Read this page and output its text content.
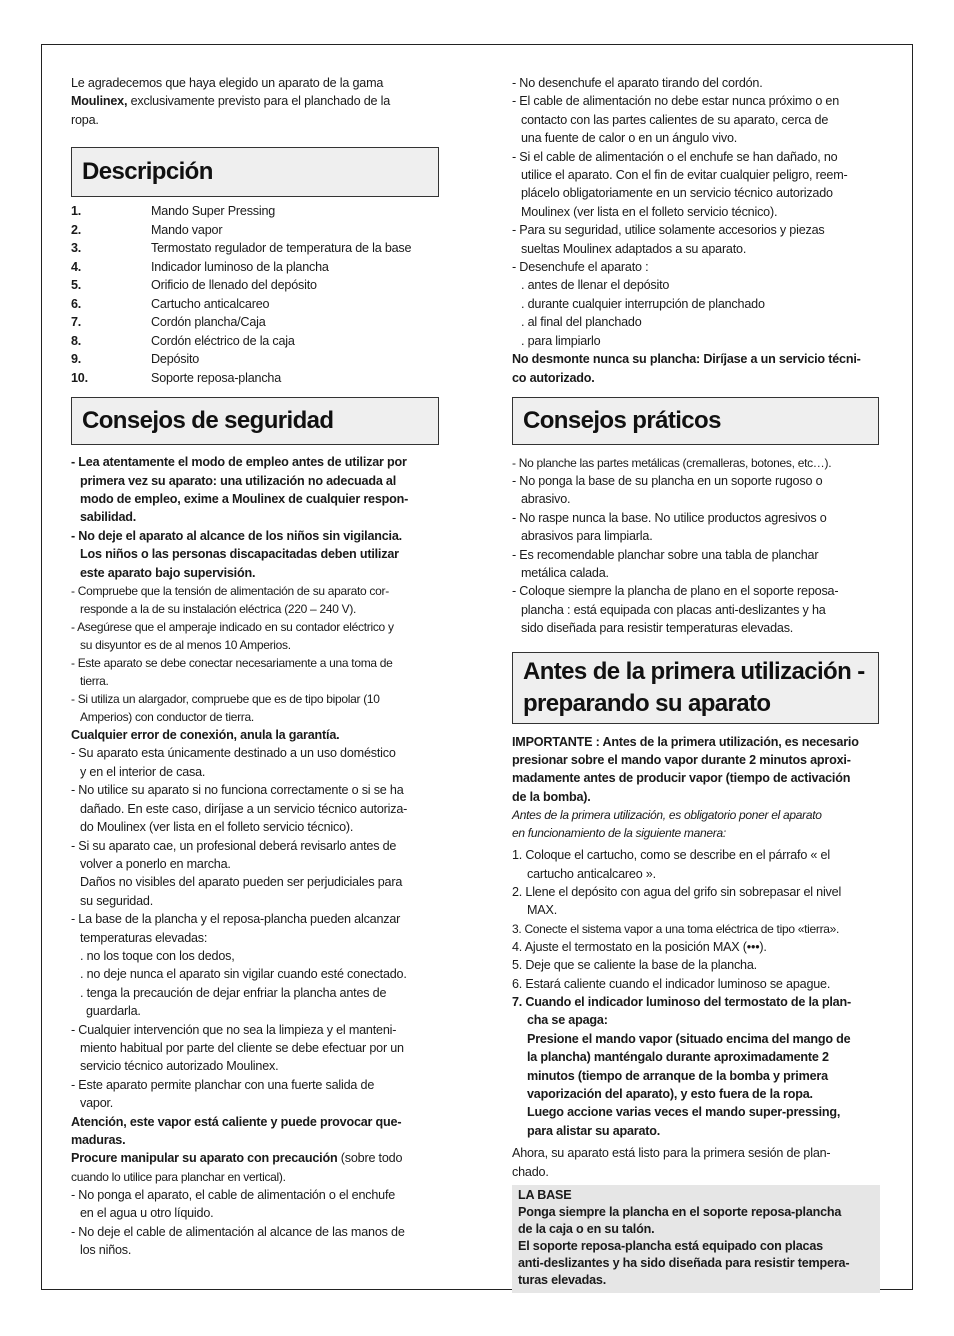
Le agradecemos que haya elegido un aparato de la gama
Moulinex, exclusivamente previsto para el planchado de la
ropa.
Descripción
1.	Mando Super Pressing
2.	Mando vapor
3.	Termostato regulador de temperatura de la base
4.	Indicador luminoso de la plancha
5.	Orificio de llenado del depósito
6.	Cartucho anticalcareo
7.	Cordón plancha/Caja
8.	Cordón eléctrico de la caja
9.	Depósito
10.	Soporte reposa-plancha
Consejos de seguridad
- Lea atentamente el modo de empleo antes de utilizar por
primera vez su aparato: una utilización no adecuada al
modo de empleo, exime a Moulinex de cualquier respon-
sabilidad.
- No deje el aparato al alcance de los niños sin vigilancia.
Los niños o las personas discapacitadas deben utilizar
este aparato bajo supervisión.
- Compruebe que la tensión de alimentación de su aparato cor-
responde a la de su instalación eléctrica (220 – 240 V).
- Asegúrese que el amperaje indicado en su contador eléctrico y
su disyuntor es de al menos 10 Amperios.
- Este aparato se debe conectar necesariamente a una toma de
tierra.
- Si utiliza un alargador, compruebe que es de tipo bipolar (10
Amperios) con conductor de tierra.
Cualquier error de conexión, anula la garantía.
- Su aparato esta únicamente destinado a un uso doméstico
y en el interior de casa.
- No utilice su aparato si no funciona correctamente o si se ha
dañado. En este caso, diríjase a un servicio técnico autoriza-
do Moulinex (ver lista en el folleto servicio técnico).
- Si su aparato cae, un profesional deberá revisarlo antes de
volver a ponerlo en marcha.
Daños no visibles del aparato pueden ser perjudiciales para
su seguridad.
- La base de la plancha y el reposa-plancha pueden alcanzar
temperaturas elevadas:
. no los toque con los dedos,
. no deje nunca el aparato sin vigilar cuando esté conectado.
. tenga la precaución de dejar enfriar la plancha antes de
guardarla.
- Cualquier intervención que no sea la limpieza y el manteni-
miento habitual por parte del cliente se debe efectuar por un
servicio técnico autorizado Moulinex.
- Este aparato permite planchar con una fuerte salida de
vapor.
Atención, este vapor está caliente y puede provocar que-
maduras.
Procure manipular su aparato con precaución (sobre todo
cuando lo utilice para planchar en vertical).
- No ponga el aparato, el cable de alimentación o el enchufe
en el agua u otro líquido.
- No deje el cable de alimentación al alcance de las manos de
los niños.
- No desenchufe el aparato tirando del cordón.
- El cable de alimentación no debe estar nunca próximo o en
contacto con las partes calientes de su aparato, cerca de
una fuente de calor o en un ángulo vivo.
- Si el cable de alimentación o el enchufe se han dañado, no
utilice el aparato. Con el fin de evitar cualquier peligro, reem-
plácelo obligatoriamente en un servicio técnico autorizado
Moulinex (ver lista en el folleto servicio técnico).
- Para su seguridad, utilice solamente accesorios y piezas
sueltas Moulinex adaptados a su aparato.
- Desenchufe el aparato :
. antes de llenar el depósito
. durante cualquier interrupción de planchado
. al final del planchado
. para limpiarlo
No desmonte nunca su plancha: Diríjase a un servicio técni-
co autorizado.
Consejos práticos
- No planche las partes metálicas (cremalleras, botones, etc…).
- No ponga la base de su plancha en un soporte rugoso o
abrasivo.
- No raspe nunca la base. No utilice productos agresivos o
abrasivos para limpiarla.
- Es recomendable planchar sobre una tabla de planchar
metálica calada.
- Coloque siempre la plancha de plano en el soporte reposa-
plancha : está equipada con placas anti-deslizantes y ha
sido diseñada para resistir temperaturas elevadas.
Antes de la primera utilización -
preparando su aparato
IMPORTANTE : Antes de la primera utilización, es necesario
presionar sobre el mando vapor durante 2 minutos aproxi-
madamente antes de producir vapor (tiempo de activación
de la bomba).
Antes de la primera utilización, es obligatorio poner el aparato
en funcionamiento de la siguiente manera:
1. Coloque el cartucho, como se describe en el párrafo « el
cartucho anticalcareo ».
2. Llene el depósito con agua del grifo sin sobrepasar el nivel
MAX.
3. Conecte el sistema vapor a una toma eléctrica de tipo «tierra».
4. Ajuste el termostato en la posición MAX (•••).
5. Deje que se caliente la base de la plancha.
6. Estará caliente cuando el indicador luminoso se apague.
7. Cuando el indicador luminoso del termostato de la plan-
cha se apaga:
Presione el mando vapor (situado encima del mango de
la plancha) manténgalo durante aproximadamente 2
minutos (tiempo de arranque de la bomba y primera
vaporización del aparato), y esto fuera de la ropa.
Luego accione varias veces el mando super-pressing,
para alistar su aparato.
Ahora, su aparato está listo para la primera sesión de plan-
chado.
LA BASE
Ponga siempre la plancha en el soporte reposa-plancha
de la caja o en su talón.
El soporte reposa-plancha está equipado con placas
anti-deslizantes y ha sido diseñada para resistir tempera-
turas elevadas.
